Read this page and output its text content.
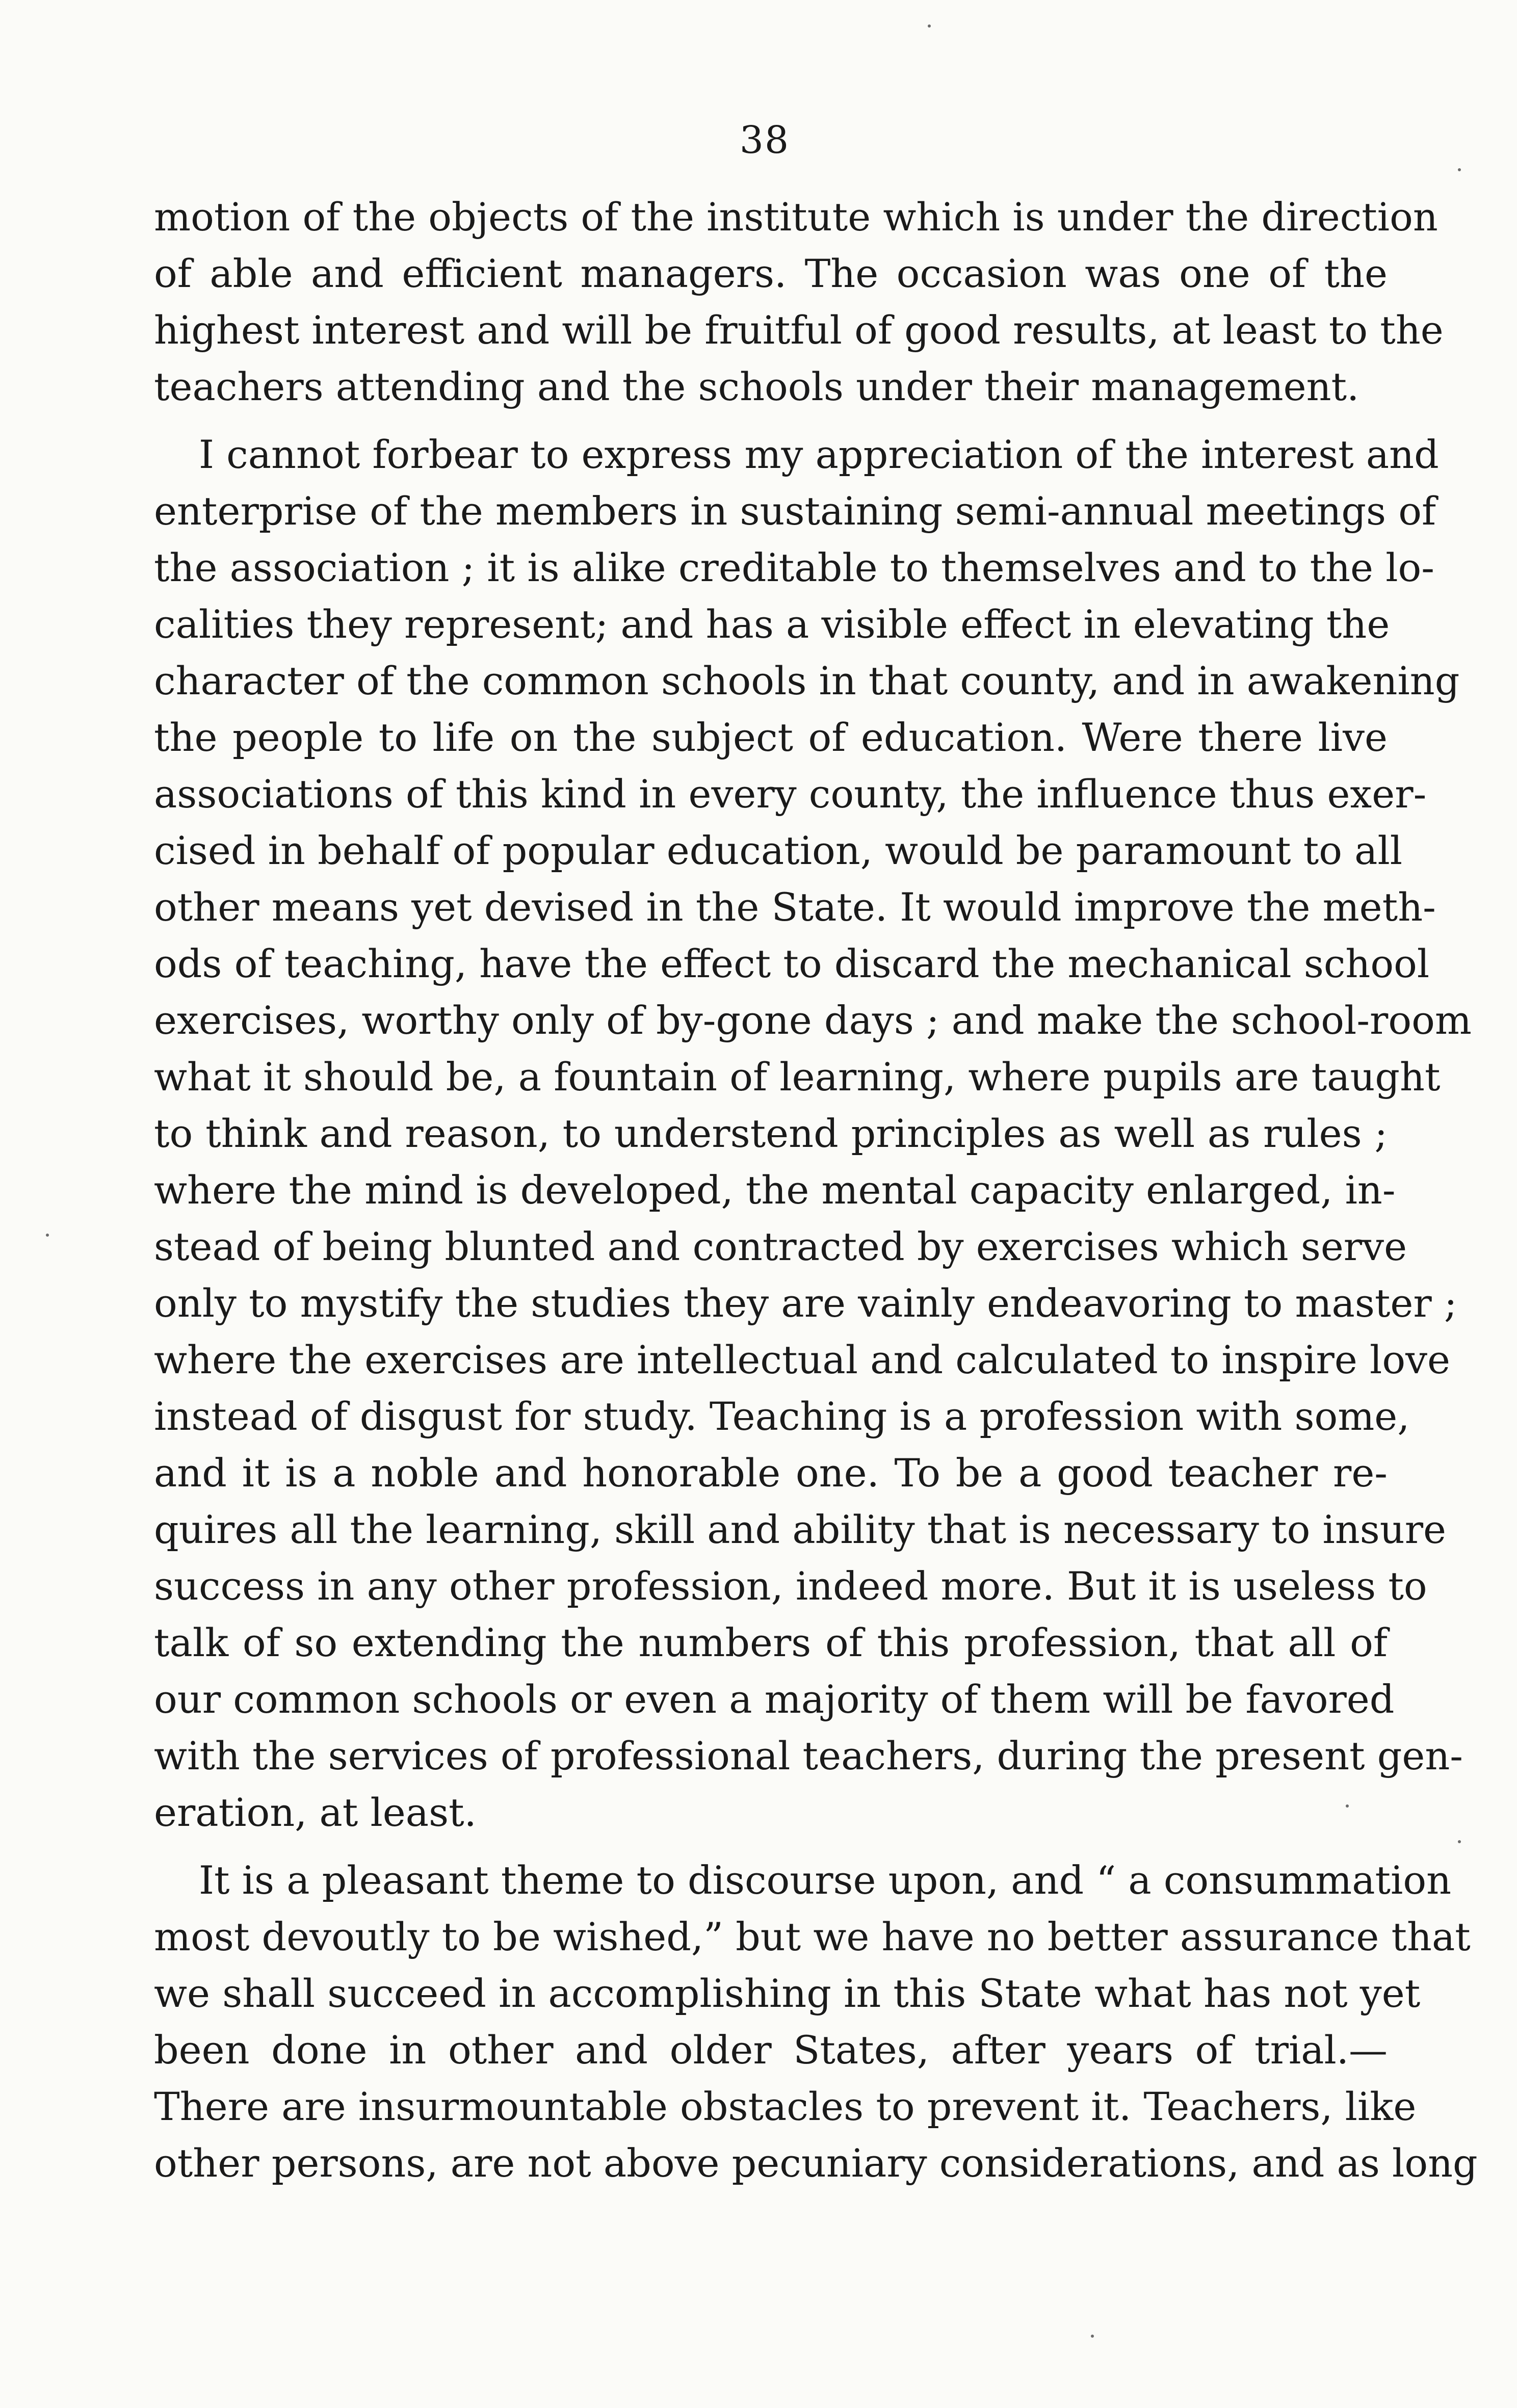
38
motion of the objects of the institute which is under the direction
of able and efficient managers. The occasion was one of the
highest interest and will be fruitful of good results, at least to the
teachers attending and the schools under their management.
I cannot forbear to express my appreciation of the interest and
enterprise of the members in sustaining semi-annual meetings of
the association ; it is alike creditable to themselves and to the lo-
calities they represent; and has a visible effect in elevating the
character of the common schools in that county, and in awakening
the people to life on the subject of education. Were there live
associations of this kind in every county, the influence thus exer-
cised in behalf of popular education, would be paramount to all
other means yet devised in the State. It would improve the meth-
ods of teaching, have the effect to discard the mechanical school
exercises, worthy only of by-gone days ; and make the school-room
what it should be, a fountain of learning, where pupils are taught
to think and reason, to understend principles as well as rules ;
where the mind is developed, the mental capacity enlarged, in-
stead of being blunted and contracted by exercises which serve
only to mystify the studies they are vainly endeavoring to master ;
where the exercises are intellectual and calculated to inspire love
instead of disgust for study. Teaching is a profession with some,
and it is a noble and honorable one. To be a good teacher re-
quires all the learning, skill and ability that is necessary to insure
success in any other profession, indeed more. But it is useless to
talk of so extending the numbers of this profession, that all of
our common schools or even a majority of them will be favored
with the services of professional teachers, during the present gen-
eration, at least.
It is a pleasant theme to discourse upon, and “ a consummation
most devoutly to be wished,” but we have no better assurance that
we shall succeed in accomplishing in this State what has not yet
been done in other and older States, after years of trial.—
There are insurmountable obstacles to prevent it. Teachers, like
other persons, are not above pecuniary considerations, and as long
